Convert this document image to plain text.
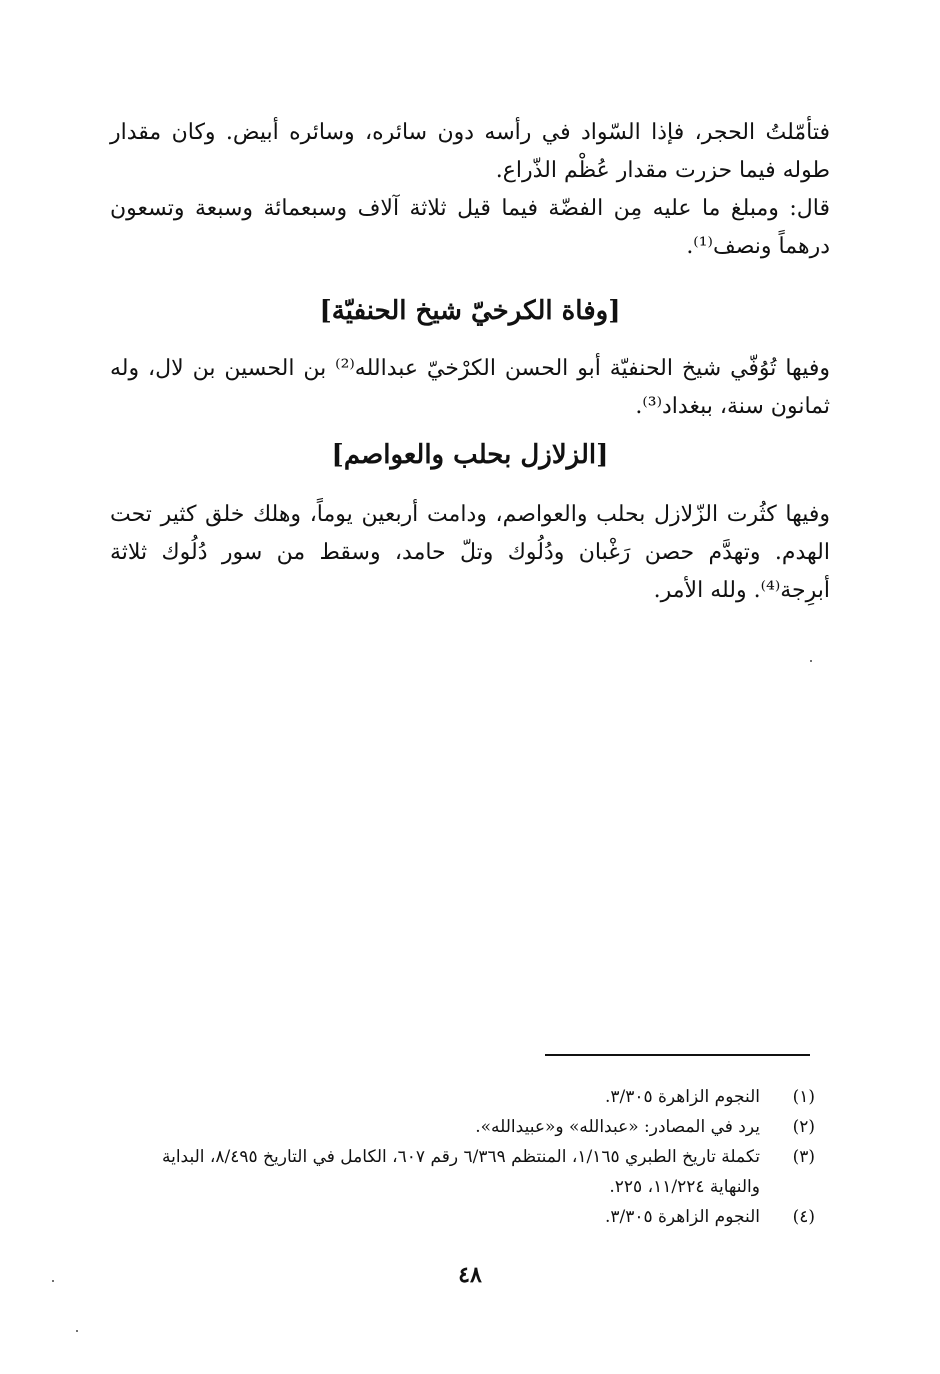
فتأمّلتُ الحجر، فإذا السّواد في رأسه دون سائره، وسائره أبيض. وكان مقدار طوله فيما حزرت مقدار عُظْم الذّراع.
قال: ومبلغ ما عليه مِن الفضّة فيما قيل ثلاثة آلاف وسبعمائة وسبعة وتسعون درهماً ونصف⁽¹⁾.
[وفاة الكرخيّ شيخ الحنفيّة]
وفيها تُوُفّي شيخ الحنفيّة أبو الحسن الكرْخيّ عبدالله⁽²⁾ بن الحسين بن لال، وله ثمانون سنة، ببغداد⁽³⁾.
[الزلازل بحلب والعواصم]
وفيها كثُرت الزّلازل بحلب والعواصم، ودامت أربعين يوماً، وهلك خلق كثير تحت الهدم. وتهدَّم حصن رَغْبان ودُلُوك وتلّ حامد، وسقط من سور دُلُوك ثلاثة أبرِجة⁽⁴⁾. ولله الأمر.
(١)النجوم الزاهرة ٣/٣٠٥.
(٢)يرد في المصادر: «عبدالله» و«عبيدالله».
(٣)تكملة تاريخ الطبري ١/١٦٥، المنتظم ٦/٣٦٩ رقم ٦٠٧، الكامل في التاريخ ٨/٤٩٥، البداية والنهاية ١١/٢٢٤، ٢٢٥.
(٤)النجوم الزاهرة ٣/٣٠٥.
٤٨
